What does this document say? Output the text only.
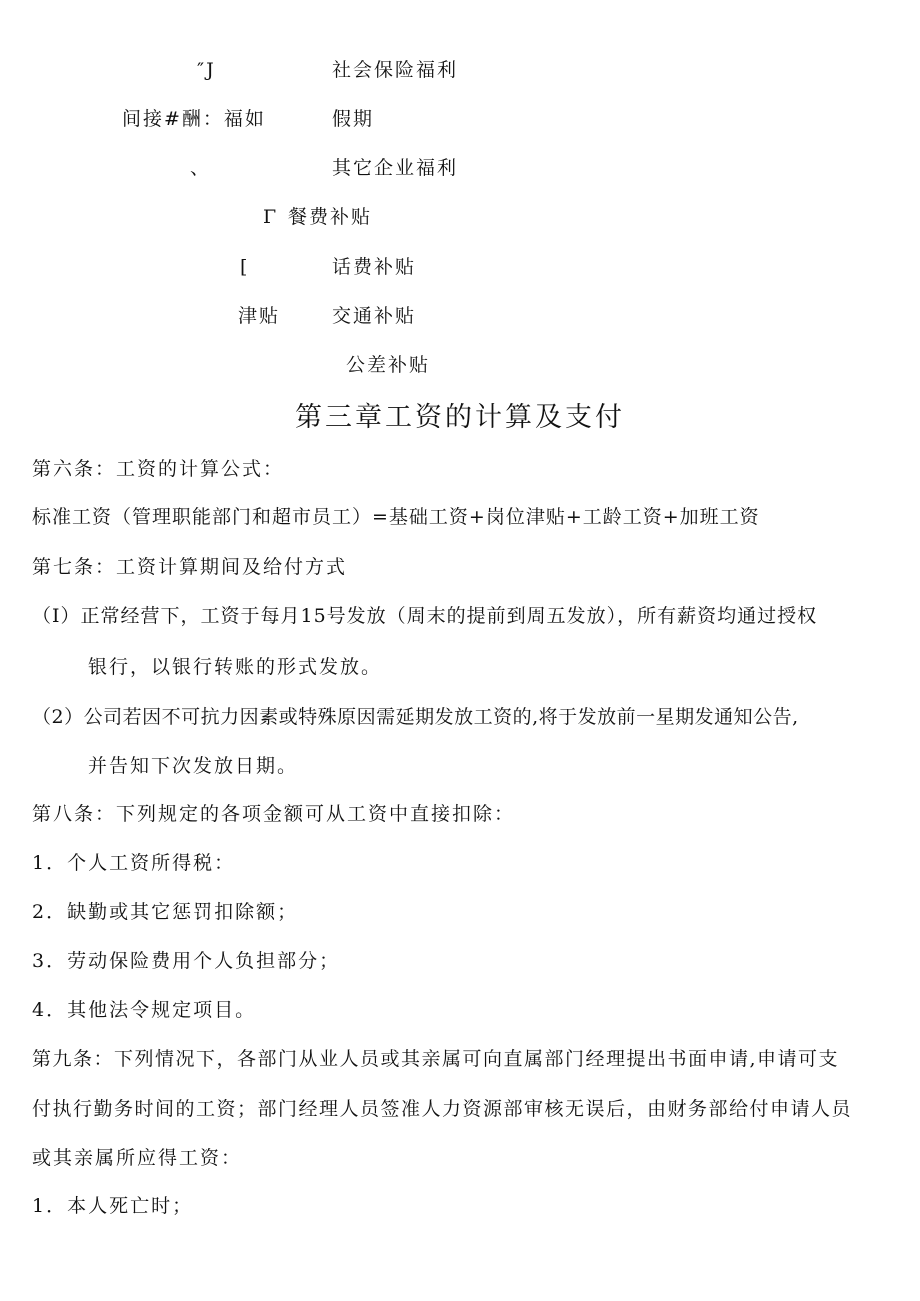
″J	社会保险福利
间接#酬：福如	假期
、	其它企业福利
Γ 餐费补贴
[	话费补贴
津贴	交通补贴
公差补贴
第三章工资的计算及支付
第六条：工资的计算公式：
标准工资（管理职能部门和超市员工）=基础工资+岗位津贴+工龄工资+加班工资
第七条：工资计算期间及给付方式
（I）正常经营下，工资于每月15号发放（周末的提前到周五发放），所有薪资均通过授权
银行，以银行转账的形式发放。
（2）公司若因不可抗力因素或特殊原因需延期发放工资的,将于发放前一星期发通知公告,
并告知下次发放日期。
第八条：下列规定的各项金额可从工资中直接扣除：
1．个人工资所得税：
2．缺勤或其它惩罚扣除额；
3．劳动保险费用个人负担部分；
4．其他法令规定项目。
第九条：下列情况下，各部门从业人员或其亲属可向直属部门经理提出书面申请,申请可支
付执行勤务时间的工资；部门经理人员签准人力资源部审核无误后，由财务部给付申请人员
或其亲属所应得工资：
1．本人死亡时；
